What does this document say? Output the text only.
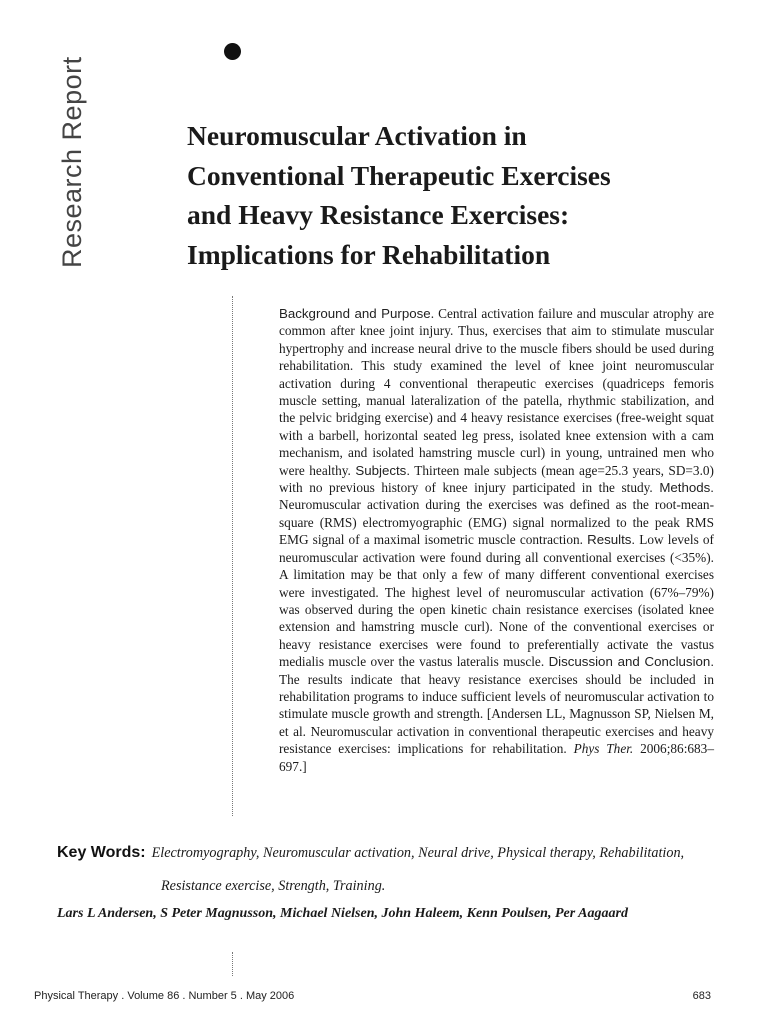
Research Report	Neuromuscular Activation in
Conventional Therapeutic Exercises
and Heavy Resistance Exercises:
Implications for Rehabilitation
Background and Purpose. Central activation failure and muscular atrophy are common after knee joint injury. Thus, exercises that aim to stimulate muscular hypertrophy and increase neural drive to the muscle fibers should be used during rehabilitation. This study examined the level of knee joint neuromuscular activation during 4 conventional therapeutic exercises (quadriceps femoris muscle setting, manual lateralization of the patella, rhythmic stabilization, and the pelvic bridging exercise) and 4 heavy resistance exercises (free-weight squat with a barbell, horizontal seated leg press, isolated knee extension with a cam mechanism, and isolated hamstring muscle curl) in young, untrained men who were healthy. Subjects. Thirteen male subjects (mean age=25.3 years, SD=3.0) with no previous history of knee injury participated in the study. Methods. Neuromuscular activation during the exercises was defined as the root-mean-square (RMS) electromyographic (EMG) signal normalized to the peak RMS EMG signal of a maximal isometric muscle contraction. Results. Low levels of neuromuscular activation were found during all conventional exercises (<35%). A limitation may be that only a few of many different conventional exercises were investigated. The highest level of neuromuscular activation (67%–79%) was observed during the open kinetic chain resistance exercises (isolated knee extension and hamstring muscle curl). None of the conventional exercises or heavy resistance exercises were found to preferentially activate the vastus medialis muscle over the vastus lateralis muscle. Discussion and Conclusion. The results indicate that heavy resistance exercises should be included in rehabilitation programs to induce sufficient levels of neuromuscular activation to stimulate muscle growth and strength. [Andersen LL, Magnusson SP, Nielsen M, et al. Neuromuscular activation in conventional therapeutic exercises and heavy resistance exercises: implications for rehabilitation. Phys Ther. 2006;86:683–697.]
Key Words: Electromyography, Neuromuscular activation, Neural drive, Physical therapy, Rehabilitation,
Resistance exercise, Strength, Training.
Lars L Andersen, S Peter Magnusson, Michael Nielsen, John Haleem, Kenn Poulsen, Per Aagaard
Physical Therapy . Volume 86 . Number 5 . May 2006	683
